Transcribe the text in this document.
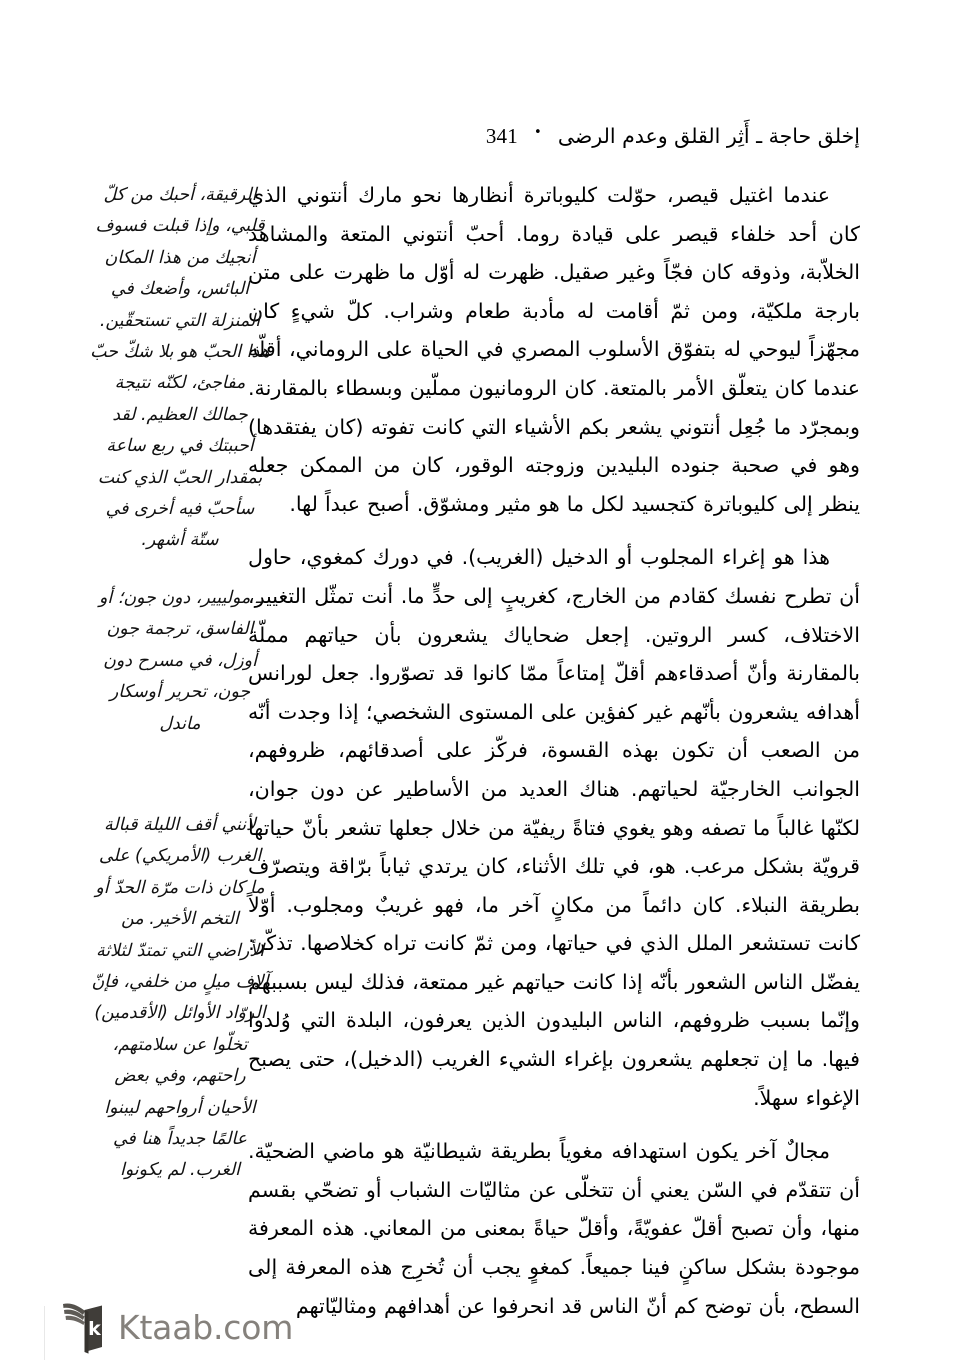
إخلق حاجة ـ أَثِر القلق وعدم الرضى•341

عندما اغتيل قيصر، حوّلت كليوباترة أنظارها نحو مارك أنتوني الذي كان أحد خلفاء قيصر على قيادة روما. أحبّ أنتوني المتعة والمشاهد الخلاّبة، وذوقه كان فجّاً وغير صقيل. ظهرت له أوّل ما ظهرت على متن بارجة ملكيّة، ومن ثمّ أقامت له مأدبة طعام وشراب. كلّ شيءٍ كان مجهّزاً ليوحي له بتفوّق الأسلوب المصري في الحياة على الروماني، أقلّه عندما كان يتعلّق الأمر بالمتعة. كان الرومانيون مملّين وبسطاء بالمقارنة. وبمجرّد ما جُعِل أنتوني يشعر بكم الأشياء التي كانت تفوته (كان يفتقدها) وهو في صحبة جنوده البليدين وزوجته الوقور، كان من الممكن جعله ينظر إلى كليوباترة كتجسيد لكل ما هو مثير ومشوّق. أصبح عبداً لها.

هذا هو إغراء المجلوب أو الدخيل (الغريب). في دورك كمغوي، حاول أن تطرح نفسك كقادم من الخارج، كغريبٍ إلى حدٍّ ما. أنت تمثّل التغيير، الاختلاف، كسر الروتين. إجعل ضحاياك يشعرون بأن حياتهم مملّة بالمقارنة وأنّ أصدقاءهم أقلّ إمتاعاً ممّا كانوا قد تصوّروا. جعل لورانس أهدافه يشعرون بأنّهم غير كفؤين على المستوى الشخصي؛ إذا وجدت أنّه من الصعب أن تكون بهذه القسوة، فركّز على أصدقائهم، ظروفهم، الجوانب الخارجيّة لحياتهم. هناك العديد من الأساطير عن دون جوان، لكنّها غالباً ما تصفه وهو يغوي فتاةً ريفيّة من خلال جعلها تشعر بأنّ حياتها قرويّة بشكل مرعب. هو، في تلك الأثناء، كان يرتدي ثياباً برّاقة ويتصرّف بطريقة النبلاء. كان دائماً من مكانٍ آخر ما، فهو غريبٌ ومجلوب. أوّلاً كانت تستشعر الملل الذي في حياتها، ومن ثمّ كانت تراه كخلاصها. تذكّر: يفضّل الناس الشعور بأنّه إذا كانت حياتهم غير ممتعة، فذلك ليس بسببهم وإنّما بسبب ظروفهم، الناس البليدون الذين يعرفون، البلدة التي وُلدوا فيها. ما إن تجعلهم يشعرون بإغراء الشيء الغريب (الدخيل)، حتى يصبح الإغواء سهلاً.

مجالٌ آخر يكون استهدافه مغوياً بطريقة شيطانيّة هو ماضي الضحيّة. أن تتقدّم في السّن يعني أن تتخلّى عن مثاليّات الشباب أو تضحّي بقسم منها، وأن تصبح أقلّ عفويّةً، وأقلّ حياةً بمعنى من المعاني. هذه المعرفة موجودة بشكل ساكنٍ فينا جميعاً. كمغوٍ يجب أن تُخرِج هذه المعرفة إلى السطح، بأن توضح كم أنّ الناس قد انحرفوا عن أهدافهم ومثاليّاتهم

الرقيقة، أحبك من كلّ قلبي، وإذا قبلت فسوف أنجيك من هذا المكان البائس، وأضعك في المنزلة التي تستحقّين. هذا الحبّ هو بلا شكّ حبّ مفاجئ، لكنّه نتيجة جمالك العظيم. لقد أحببتك في ربع ساعة بمقدار الحبّ الذي كنت سأحبّ فيه أخرى في ستّة أشهر.

ـ مولييير، دون جون؛ أو الفاسق، ترجمة جون أوزل، في مسرح دون جون، تحرير أوسكار ماندل

لأنني أقف الليلة قبالة الغرب (الأمريكي) على ما كان ذات مرّة الحدّ أو التخم الأخير. من الأراضي التي تمتدّ لثلاثة آلاف ميلٍ من خلفي، فإنّ الروّاد الأوائل (الأقدمين) تخلّوا عن سلامتهم، راحتهم، وفي بعض الأحيان أرواحهم ليبنوا عالمًا جديداً هنا في الغرب. لم يكونوا

k Ktaab.com
